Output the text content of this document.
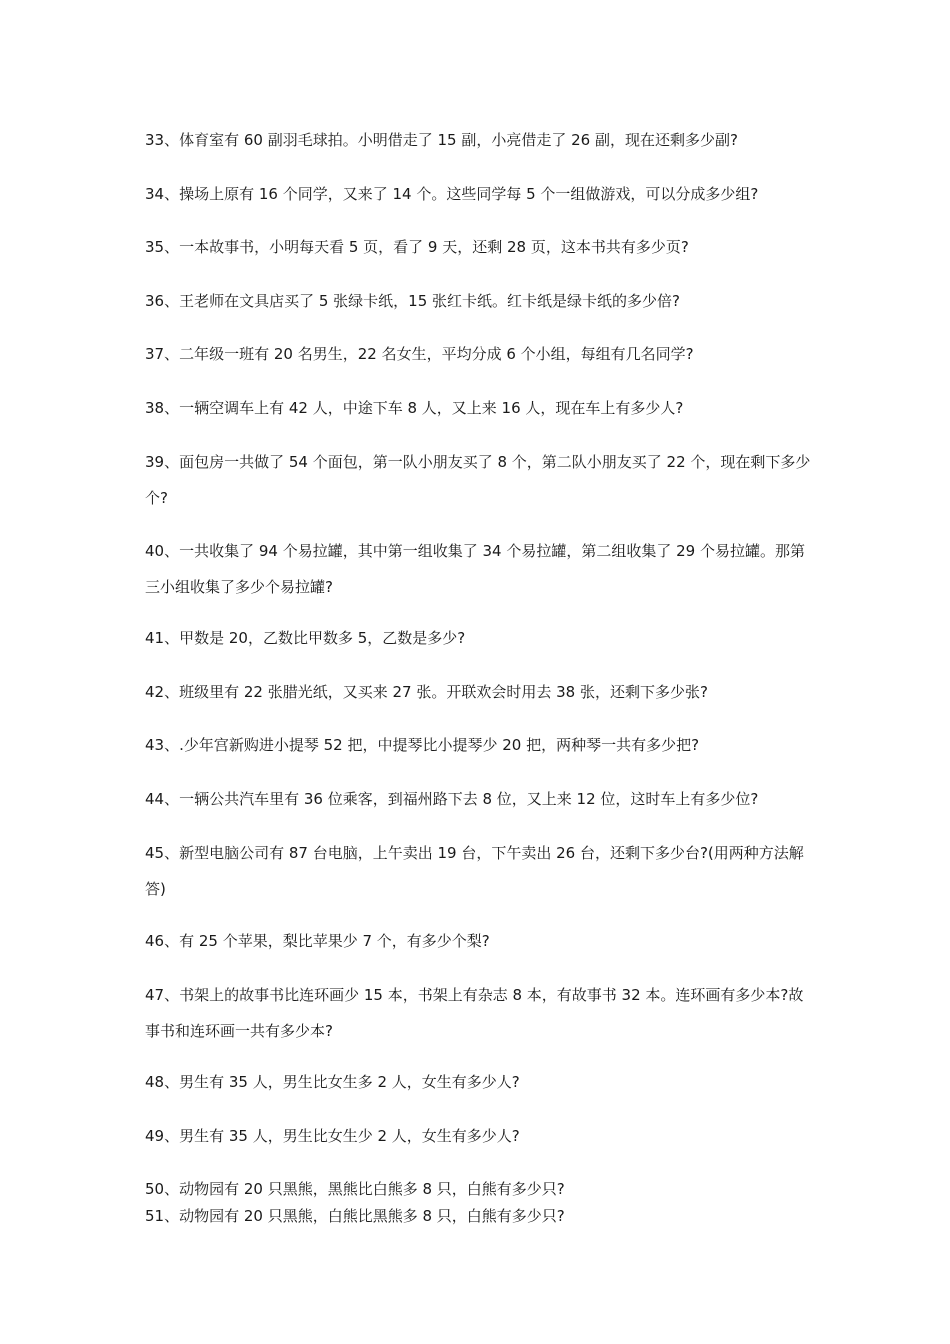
33、体育室有 60 副羽毛球拍。小明借走了 15 副，小亮借走了 26 副，现在还剩多少副?
34、操场上原有 16 个同学，又来了 14 个。这些同学每 5 个一组做游戏，可以分成多少组?
35、一本故事书，小明每天看 5 页，看了 9 天，还剩 28 页，这本书共有多少页?
36、王老师在文具店买了 5 张绿卡纸，15 张红卡纸。红卡纸是绿卡纸的多少倍?
37、二年级一班有 20 名男生，22 名女生，平均分成 6 个小组，每组有几名同学?
38、一辆空调车上有 42 人，中途下车 8 人，又上来 16 人，现在车上有多少人?
39、面包房一共做了 54 个面包，第一队小朋友买了 8 个，第二队小朋友买了 22 个，现在剩下多少
个?
40、一共收集了 94 个易拉罐，其中第一组收集了 34 个易拉罐，第二组收集了 29 个易拉罐。那第
三小组收集了多少个易拉罐?
41、甲数是 20，乙数比甲数多 5，乙数是多少?
42、班级里有 22 张腊光纸，又买来 27 张。开联欢会时用去 38 张，还剩下多少张?
43、.少年宫新购进小提琴 52 把，中提琴比小提琴少 20 把，两种琴一共有多少把?
44、一辆公共汽车里有 36 位乘客，到福州路下去 8 位，又上来 12 位，这时车上有多少位?
45、新型电脑公司有 87 台电脑，上午卖出 19 台，下午卖出 26 台，还剩下多少台?(用两种方法解
答)
46、有 25 个苹果，梨比苹果少 7 个，有多少个梨?
47、书架上的故事书比连环画少 15 本，书架上有杂志 8 本，有故事书 32 本。连环画有多少本?故
事书和连环画一共有多少本?
48、男生有 35 人，男生比女生多 2 人，女生有多少人?
49、男生有 35 人，男生比女生少 2 人，女生有多少人?
50、动物园有 20 只黑熊，黑熊比白熊多 8 只，白熊有多少只?
51、动物园有 20 只黑熊，白熊比黑熊多 8 只，白熊有多少只?
